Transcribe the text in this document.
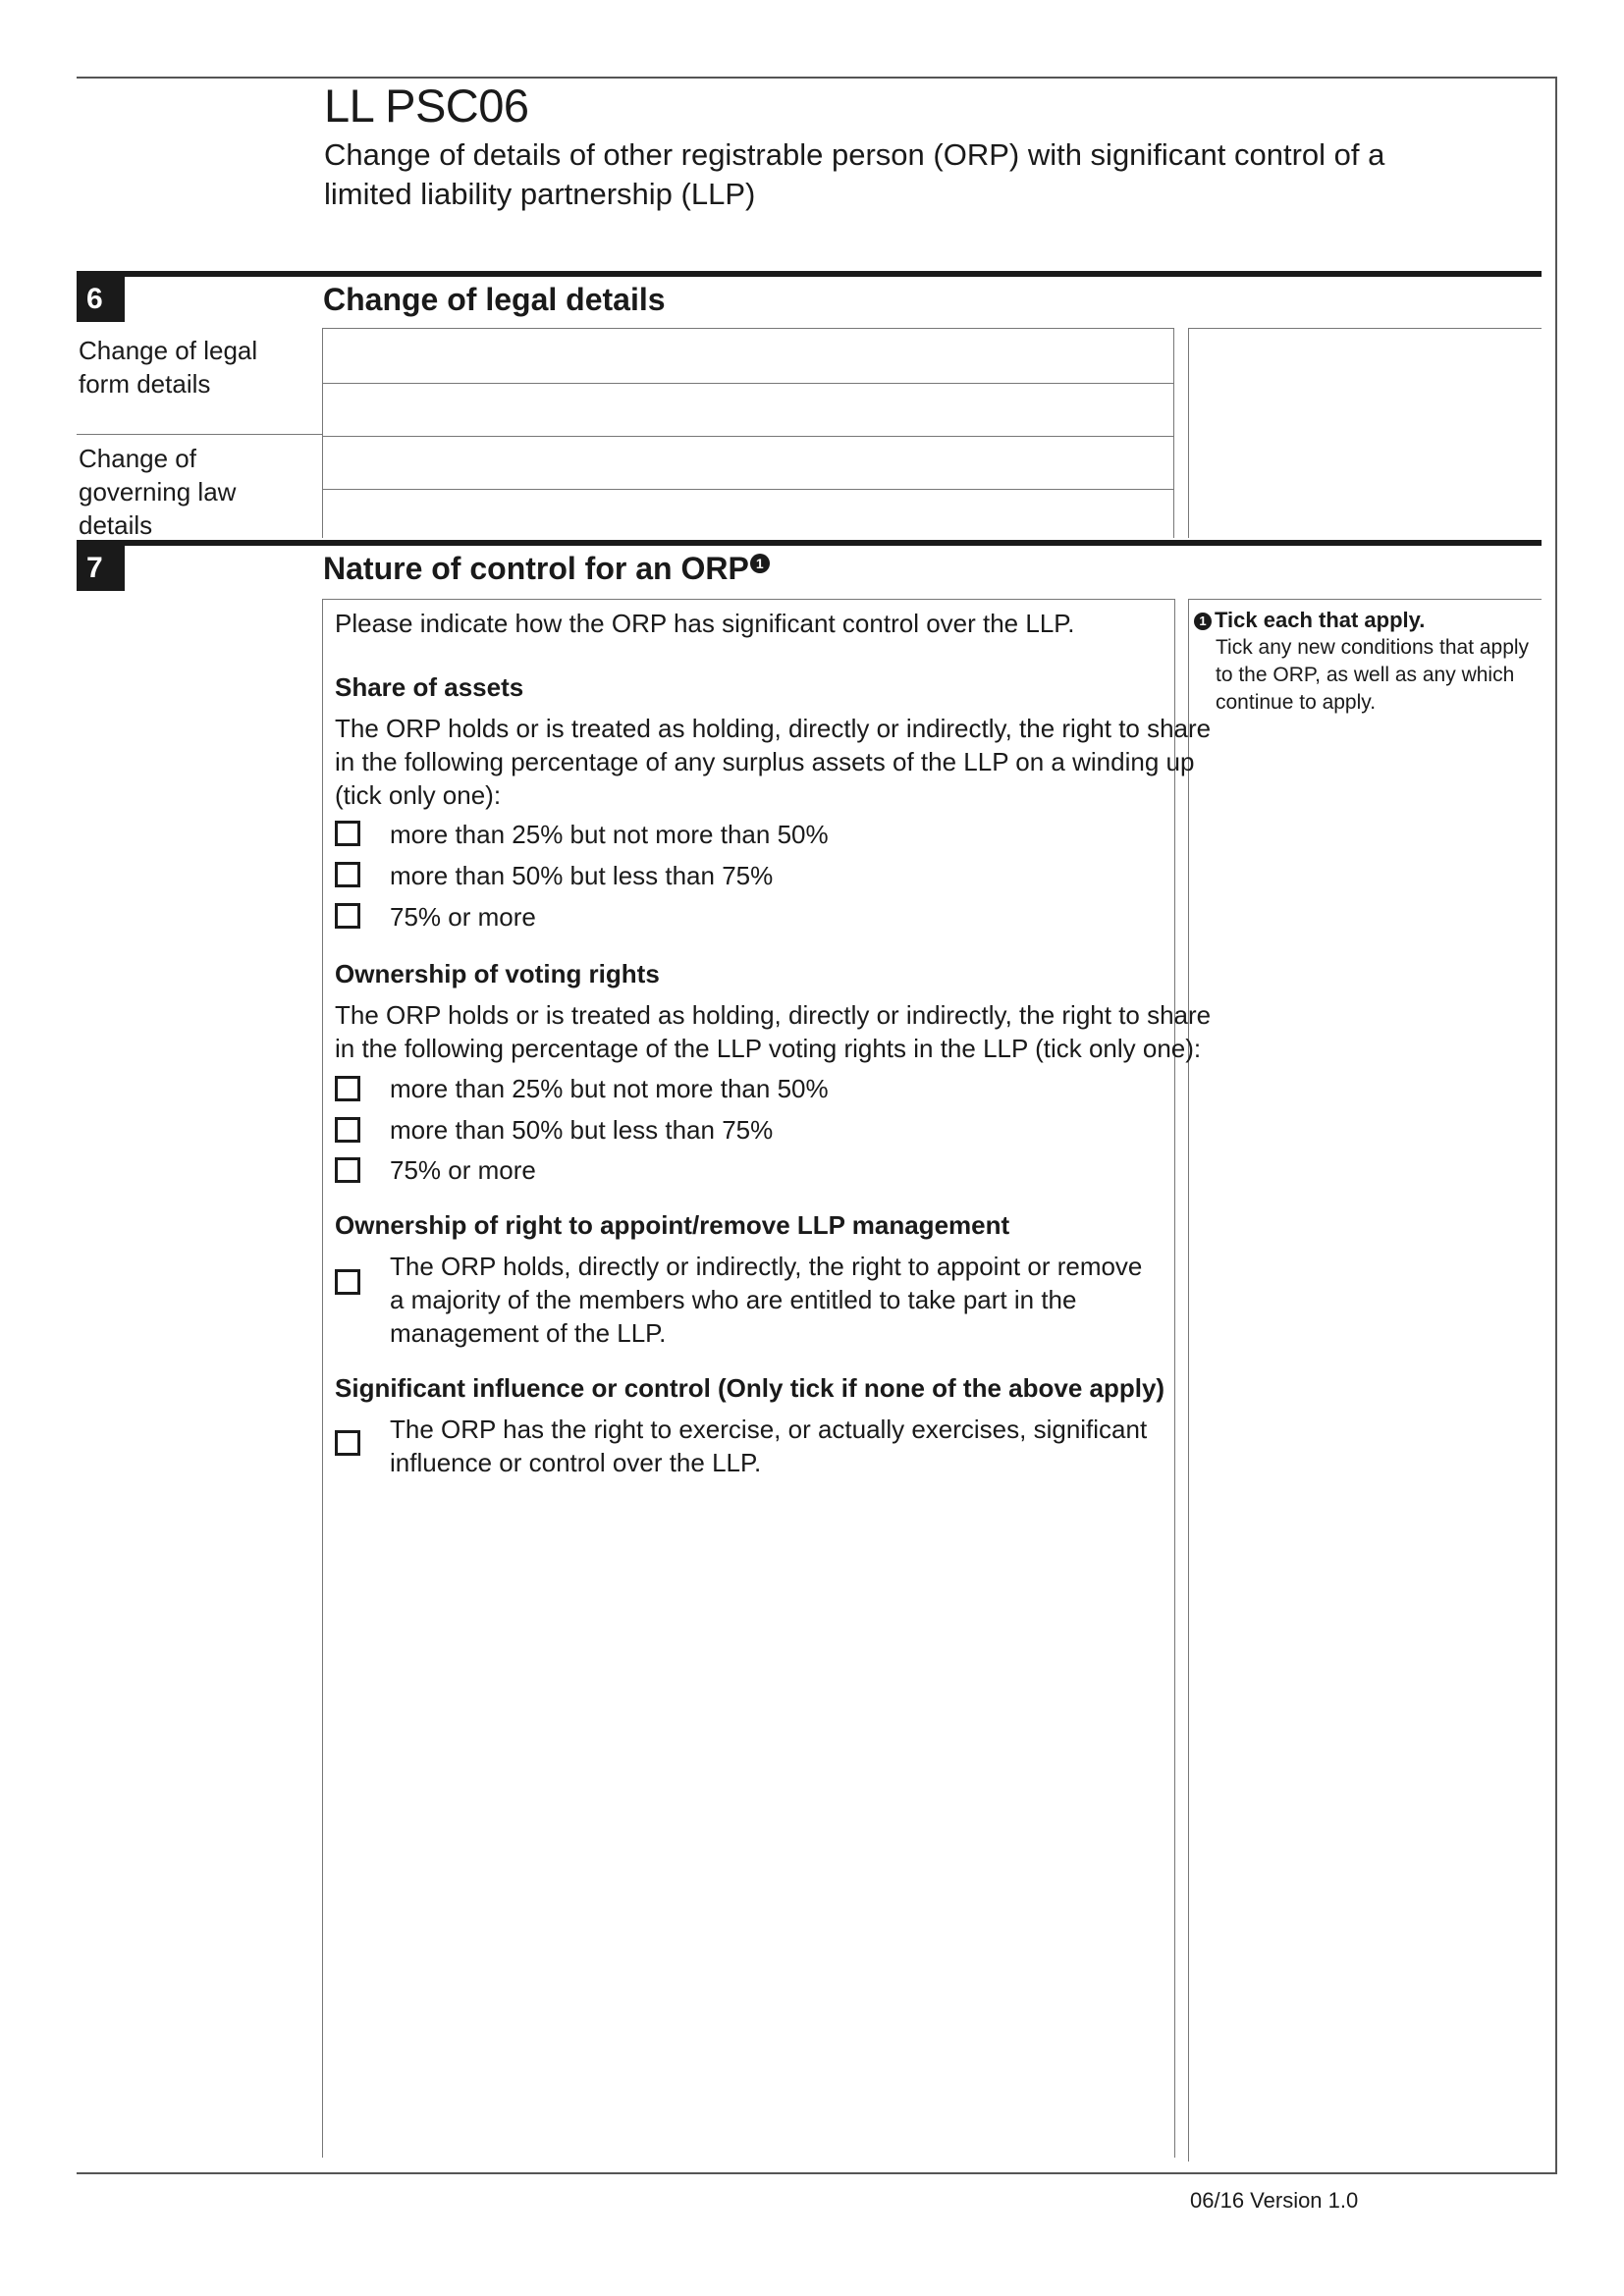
LL PSC06
Change of details of other registrable person (ORP) with significant control of a limited liability partnership (LLP)
6	Change of legal details
Change of legal form details
Change of governing law details
7	Nature of control for an ORP $^1$
1 Tick each that apply.
Tick any new conditions that apply
to the ORP, as well as any which
continue to apply.
Please indicate how the ORP has significant control over the LLP.
Share of assets
The ORP holds or is treated as holding, directly or indirectly, the right to share
in the following percentage of any surplus assets of the LLP on a winding up
(tick only one):
more than 25% but not more than 50%
more than 50% but less than 75%
75% or more
Ownership of voting rights
The ORP holds or is treated as holding, directly or indirectly, the right to share
in the following percentage of the LLP voting rights in the LLP (tick only one):
more than 25% but not more than 50%
more than 50% but less than 75%
75% or more
Ownership of right to appoint/remove LLP management
The ORP holds, directly or indirectly, the right to appoint or remove
a majority of the members who are entitled to take part in the
management of the LLP.
Significant influence or control (Only tick if none of the above apply)
The ORP has the right to exercise, or actually exercises, significant
influence or control over the LLP.
06/16 Version 1.0
